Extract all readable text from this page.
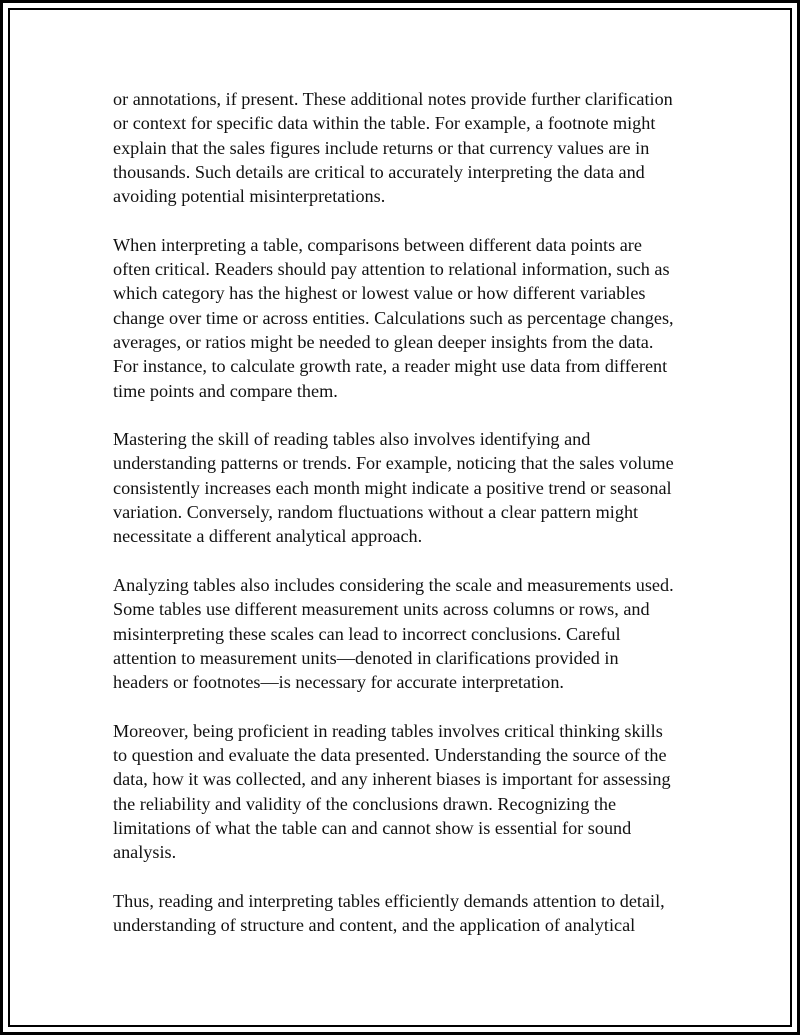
or annotations, if present. These additional notes provide further clarification
or context for specific data within the table. For example, a footnote might
explain that the sales figures include returns or that currency values are in
thousands. Such details are critical to accurately interpreting the data and
avoiding potential misinterpretations.

When interpreting a table, comparisons between different data points are
often critical. Readers should pay attention to relational information, such as
which category has the highest or lowest value or how different variables
change over time or across entities. Calculations such as percentage changes,
averages, or ratios might be needed to glean deeper insights from the data.
For instance, to calculate growth rate, a reader might use data from different
time points and compare them.

Mastering the skill of reading tables also involves identifying and
understanding patterns or trends. For example, noticing that the sales volume
consistently increases each month might indicate a positive trend or seasonal
variation. Conversely, random fluctuations without a clear pattern might
necessitate a different analytical approach.

Analyzing tables also includes considering the scale and measurements used.
Some tables use different measurement units across columns or rows, and
misinterpreting these scales can lead to incorrect conclusions. Careful
attention to measurement units—denoted in clarifications provided in
headers or footnotes—is necessary for accurate interpretation.

Moreover, being proficient in reading tables involves critical thinking skills
to question and evaluate the data presented. Understanding the source of the
data, how it was collected, and any inherent biases is important for assessing
the reliability and validity of the conclusions drawn. Recognizing the
limitations of what the table can and cannot show is essential for sound
analysis.

Thus, reading and interpreting tables efficiently demands attention to detail,
understanding of structure and content, and the application of analytical
